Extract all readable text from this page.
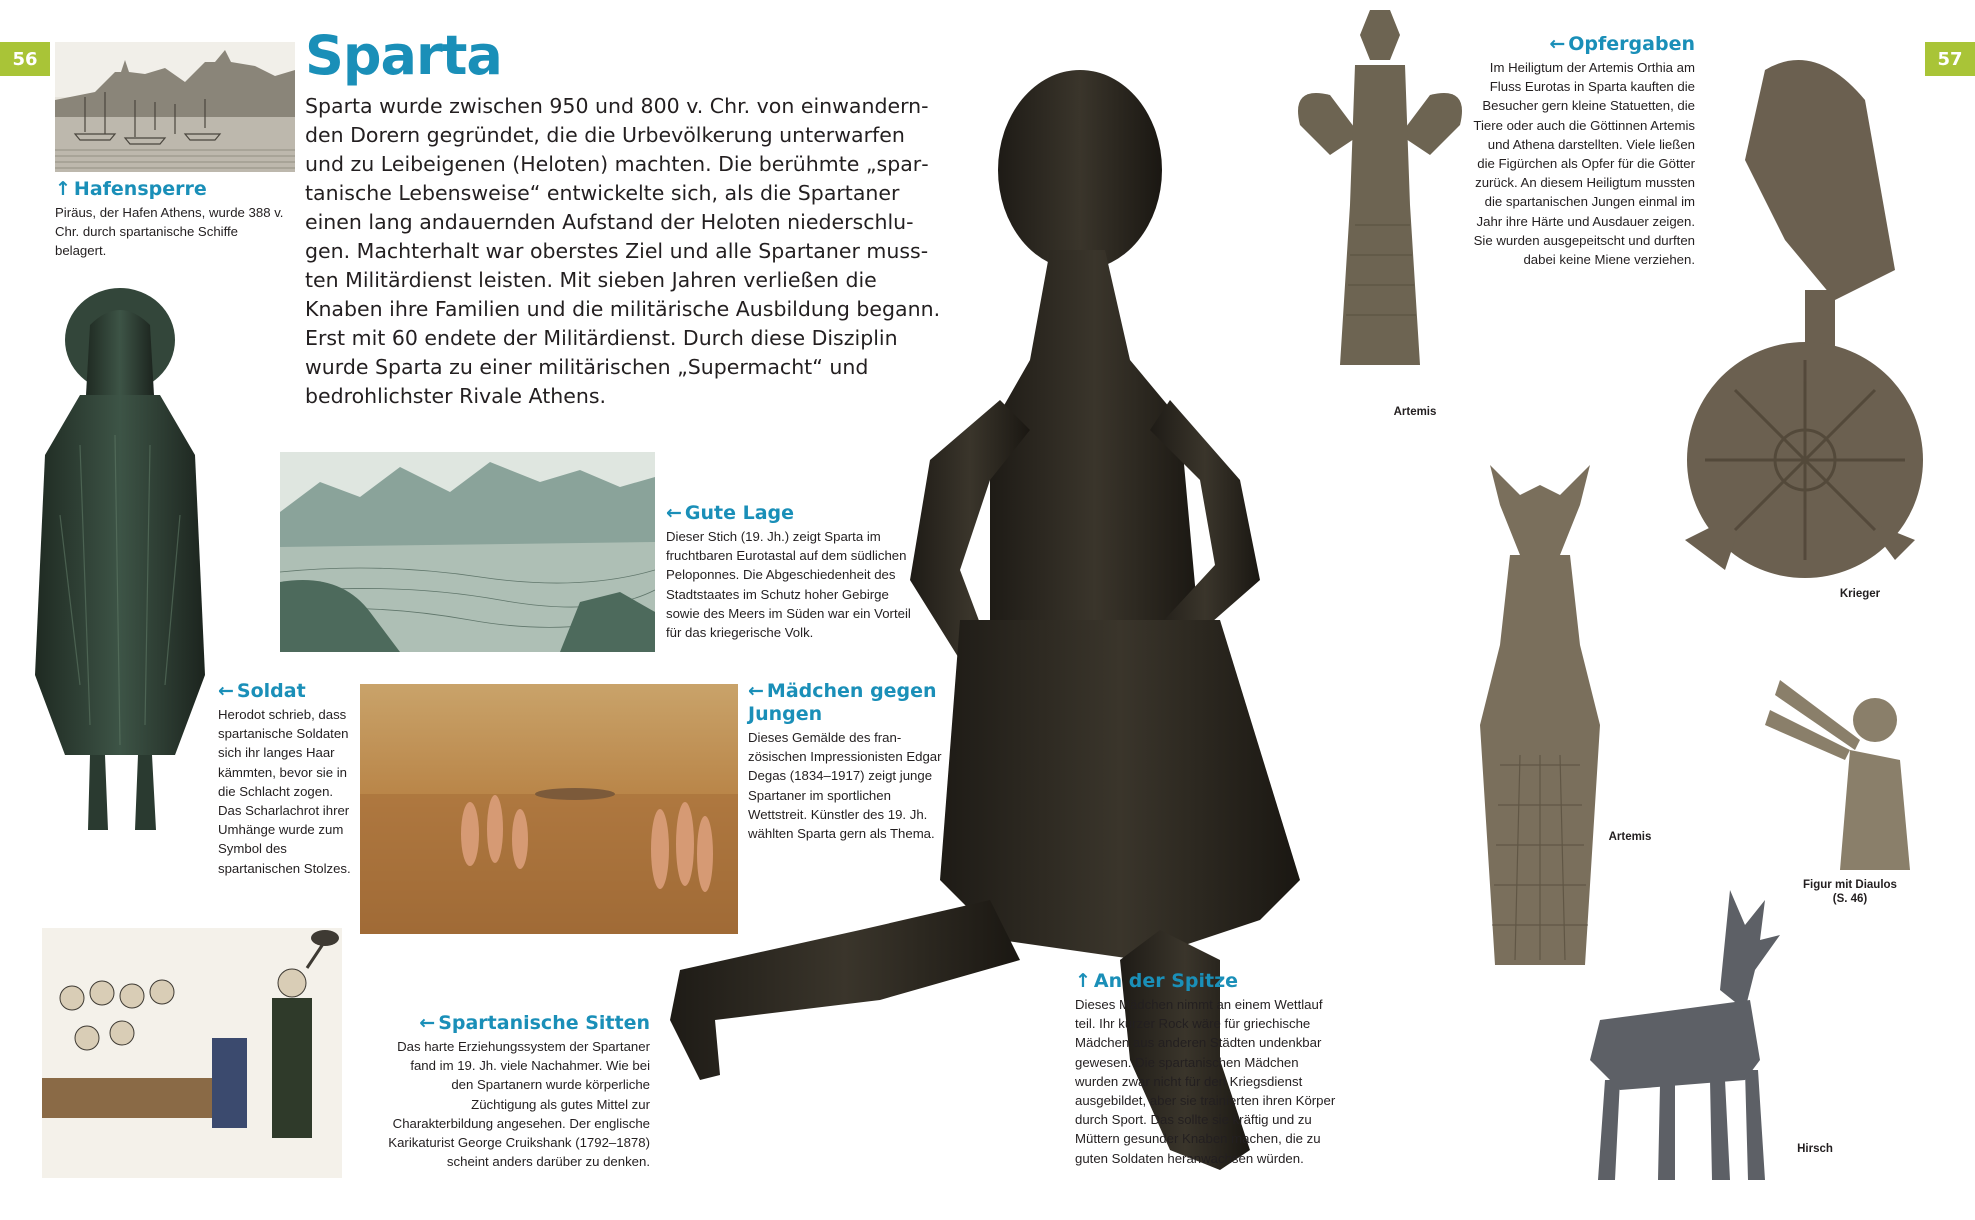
56	57
Sparta
Sparta wurde zwischen 950 und 800 v. Chr. von einwandernden Dorern gegründet, die die Urbevölkerung unterwarfen und zu Leibeigenen (Heloten) machten. Die berühmte „spartanische Lebensweise“ entwickelte sich, als die Spartaner einen lang andauernden Aufstand der Heloten niederschlugen. Machterhalt war oberstes Ziel und alle Spartaner mussten Militärdienst leisten. Mit sieben Jahren verließen die Knaben ihre Familien und die militärische Ausbildung begann. Erst mit 60 endete der Militärdienst. Durch diese Disziplin wurde Sparta zu einer militärischen „Supermacht“ und bedrohlichster Rivale Athens.
↑ Hafensperre
Piräus, der Hafen Athens, wurde 388 v. Chr. durch spartanische Schiffe belagert.
← Gute Lage
Dieser Stich (19. Jh.) zeigt Sparta im fruchtbaren Eurotastal auf dem südlichen Peloponnes. Die Abgeschiedenheit des Stadtstaates im Schutz hoher Gebirge sowie des Meers im Süden war ein Vorteil für das kriegerische Volk.
← Soldat
Herodot schrieb, dass spartanische Soldaten sich ihr langes Haar kämmten, bevor sie in die Schlacht zogen. Das Scharlachrot ihrer Umhänge wurde zum Symbol des spartanischen Stolzes.
← Mädchen gegen Jungen
Dieses Gemälde des französischen Impressionisten Edgar Degas (1834–1917) zeigt junge Spartaner im sportlichen Wettstreit. Künstler des 19. Jh. wählten Sparta gern als Thema.
← Spartanische Sitten
Das harte Erziehungssystem der Spartaner fand im 19. Jh. viele Nachahmer. Wie bei den Spartanern wurde körperliche Züchtigung als gutes Mittel zur Charakterbildung angesehen. Der englische Karikaturist George Cruikshank (1792–1878) scheint anders darüber zu denken.
↑ An der Spitze
Dieses Mädchen nimmt an einem Wettlauf teil. Ihr kurzer Rock wäre für griechische Mädchen aus anderen Städten undenkbar gewesen. Die spartanischen Mädchen wurden zwar nicht für den Kriegsdienst ausgebildet, aber sie trainierten ihren Körper durch Sport. Das sollte sie kräftig und zu Müttern gesunder Knaben machen, die zu guten Soldaten heranwachsen würden.
Artemis
← Opfergaben
Im Heiligtum der Artemis Orthia am Fluss Eurotas in Sparta kauften die Besucher gern kleine Statuetten, die Tiere oder auch die Göttinnen Artemis und Athena darstellten. Viele ließen die Figürchen als Opfer für die Götter zurück. An diesem Heiligtum mussten die spartanischen Jungen einmal im Jahr ihre Härte und Ausdauer zeigen. Sie wurden ausgepeitscht und durften dabei keine Miene verziehen.
Krieger
Artemis
Figur mit Diaulos (S. 46)
Hirsch
